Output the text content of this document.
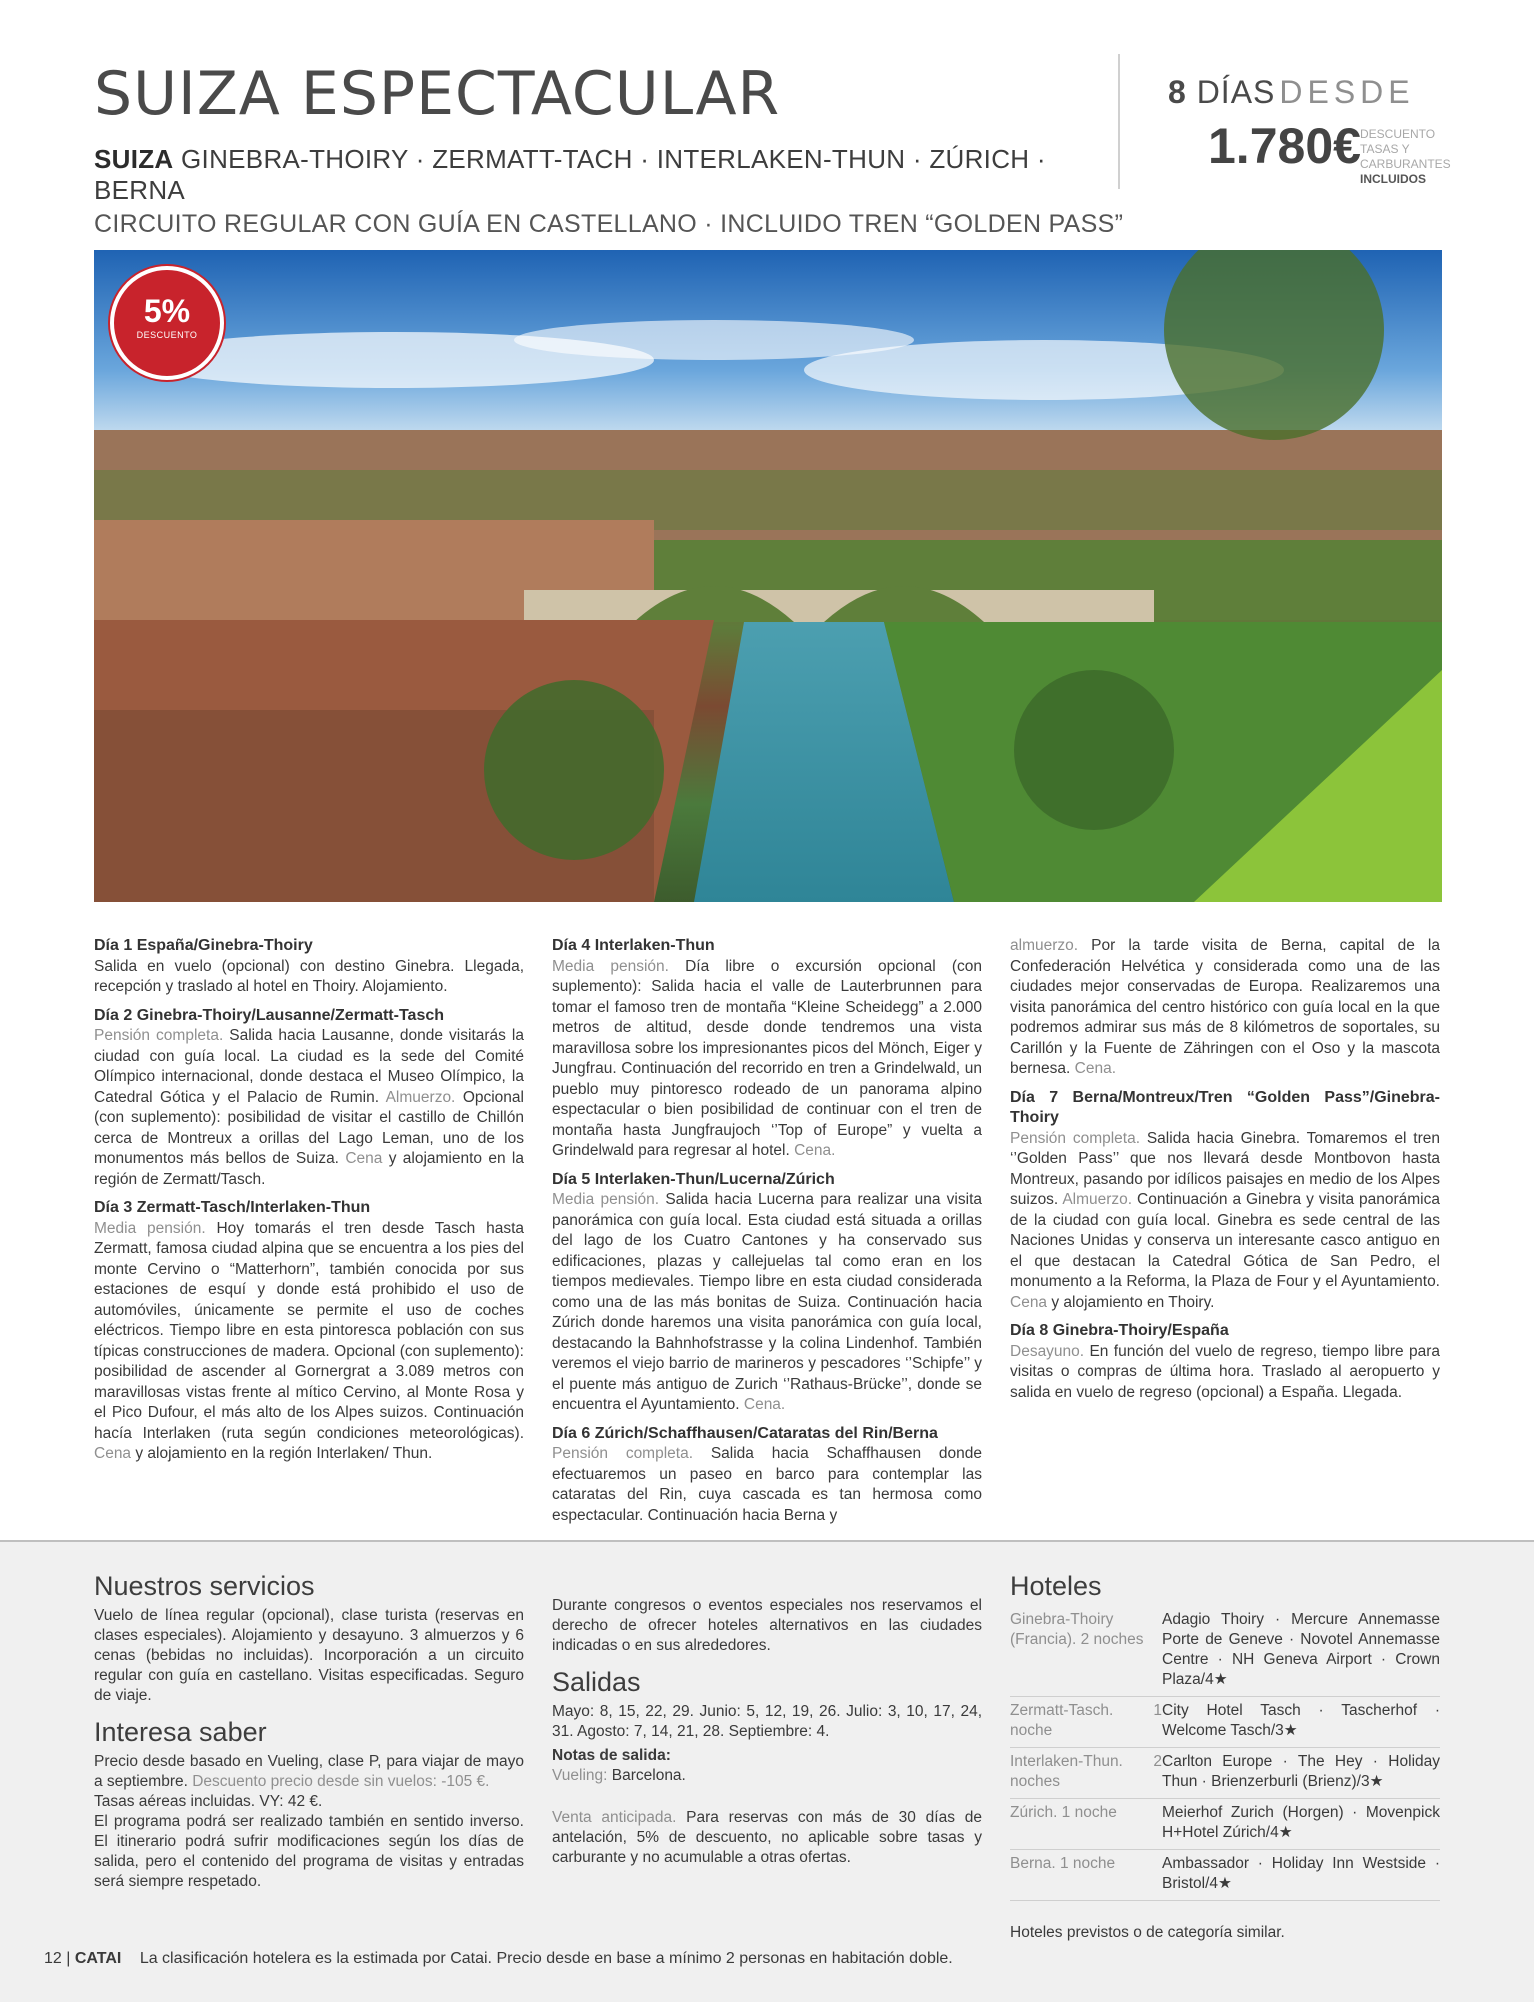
SUIZA ESPECTACULAR
SUIZA GINEBRA-THOIRY · ZERMATT-TACH · INTERLAKEN-THUN · ZÚRICH · BERNA
CIRCUITO REGULAR CON GUÍA EN CASTELLANO · INCLUIDO TREN “GOLDEN PASS”
8 DÍAS DESDE
1.780€ DESCUENTO
TASAS Y
CARBURANTES
INCLUIDOS
5%
DESCUENTO
Día 1 España/Ginebra-Thoiry

Salida en vuelo (opcional) con destino Ginebra. Llegada, recepción y traslado al hotel en Thoiry. Alojamiento.

Día 2 Ginebra-Thoiry/Lausanne/Zermatt-Tasch

Pensión completa. Salida hacia Lausanne, donde visitarás la ciudad con guía local. La ciudad es la sede del Comité Olímpico internacional, donde destaca el Museo Olímpico, la Catedral Gótica y el Palacio de Rumin. Almuerzo. Opcional (con suplemento): posibilidad de visitar el castillo de Chillón cerca de Montreux a orillas del Lago Leman, uno de los monumentos más bellos de Suiza. Cena y alojamiento en la región de Zermatt/Tasch.

Día 3 Zermatt-Tasch/Interlaken-Thun

Media pensión. Hoy tomarás el tren desde Tasch hasta Zermatt, famosa ciudad alpina que se encuentra a los pies del monte Cervino o “Matterhorn”, también conocida por sus estaciones de esquí y donde está prohibido el uso de automóviles, únicamente se permite el uso de coches eléctricos. Tiempo libre en esta pintoresca población con sus típicas construcciones de madera. Opcional (con suplemento): posibilidad de ascender al Gornergrat a 3.089 metros con maravillosas vistas frente al mítico Cervino, al Monte Rosa y el Pico Dufour, el más alto de los Alpes suizos. Continuación hacía Interlaken (ruta según condiciones meteorológicas). Cena y alojamiento en la región Interlaken/ Thun.

Día 4 Interlaken-Thun

Media pensión. Día libre o excursión opcional (con suplemento): Salida hacia el valle de Lauterbrunnen para tomar el famoso tren de montaña “Kleine Scheidegg” a 2.000 metros de altitud, desde donde tendremos una vista maravillosa sobre los impresionantes picos del Mönch, Eiger y Jungfrau. Continuación del recorrido en tren a Grindelwald, un pueblo muy pintoresco rodeado de un panorama alpino espectacular o bien posibilidad de continuar con el tren de montaña hasta Jungfraujoch ‘’Top of Europe” y vuelta a Grindelwald para regresar al hotel. Cena.

Día 5 Interlaken-Thun/Lucerna/Zúrich

Media pensión. Salida hacia Lucerna para realizar una visita panorámica con guía local. Esta ciudad está situada a orillas del lago de los Cuatro Cantones y ha conservado sus edificaciones, plazas y callejuelas tal como eran en los tiempos medievales. Tiempo libre en esta ciudad considerada como una de las más bonitas de Suiza. Continuación hacia Zúrich donde haremos una visita panorámica con guía local, destacando la Bahnhofstrasse y la colina Lindenhof. También veremos el viejo barrio de marineros y pescadores ‘’Schipfe’’ y el puente más antiguo de Zurich ‘’Rathaus-Brücke’’, donde se encuentra el Ayuntamiento. Cena.

Día 6 Zúrich/Schaffhausen/Cataratas del Rin/Berna

Pensión completa. Salida hacia Schaffhausen donde efectuaremos un paseo en barco para contemplar las cataratas del Rin, cuya cascada es tan hermosa como espectacular. Continuación hacia Berna y

almuerzo. Por la tarde visita de Berna, capital de la Confederación Helvética y considerada como una de las ciudades mejor conservadas de Europa. Realizaremos una visita panorámica del centro histórico con guía local en la que podremos admirar sus más de 8 kilómetros de soportales, su Carillón y la Fuente de Zähringen con el Oso y la mascota bernesa. Cena.

Día 7 Berna/Montreux/Tren “Golden Pass”/Ginebra-Thoiry

Pensión completa. Salida hacia Ginebra. Tomaremos el tren ‘’Golden Pass’’ que nos llevará desde Montbovon hasta Montreux, pasando por idílicos paisajes en medio de los Alpes suizos. Almuerzo. Continuación a Ginebra y visita panorámica de la ciudad con guía local. Ginebra es sede central de las Naciones Unidas y conserva un interesante casco antiguo en el que destacan la Catedral Gótica de San Pedro, el monumento a la Reforma, la Plaza de Four y el Ayuntamiento. Cena y alojamiento en Thoiry.

Día 8 Ginebra-Thoiry/España

Desayuno. En función del vuelo de regreso, tiempo libre para visitas o compras de última hora. Traslado al aeropuerto y salida en vuelo de regreso (opcional) a España. Llegada.

Nuestros servicios

Vuelo de línea regular (opcional), clase turista (reservas en clases especiales). Alojamiento y desayuno. 3 almuerzos y 6 cenas (bebidas no incluidas). Incorporación a un circuito regular con guía en castellano. Visitas especificadas. Seguro de viaje.

Interesa saber

Precio desde basado en Vueling, clase P, para viajar de mayo a septiembre. Descuento precio desde sin vuelos: -105 €.

Tasas aéreas incluidas. VY: 42 €.

El programa podrá ser realizado también en sentido inverso. El itinerario podrá sufrir modificaciones según los días de salida, pero el contenido del programa de visitas y entradas será siempre respetado.

Durante congresos o eventos especiales nos reservamos el derecho de ofrecer hoteles alternativos en las ciudades indicadas o en sus alrededores.

Salidas

Mayo: 8, 15, 22, 29. Junio: 5, 12, 19, 26. Julio: 3, 10, 17, 24, 31. Agosto: 7, 14, 21, 28. Septiembre: 4.

Notas de salida:

Vueling: Barcelona.

Venta anticipada. Para reservas con más de 30 días de antelación, 5% de descuento, no aplicable sobre tasas y carburante y no acumulable a otras ofertas.

Hoteles
Ginebra-Thoiry (Francia). 2 noches	Adagio Thoiry · Mercure Annemasse Porte de Geneve · Novotel Annemasse Centre · NH Geneva Airport · Crown Plaza/4★
Zermatt-Tasch. 1 noche	City Hotel Tasch · Tascherhof · Welcome Tasch/3★
Interlaken-Thun. 2 noches	Carlton Europe · The Hey · Holiday Thun · Brienzerburli (Brienz)/3★
Zúrich. 1 noche	Meierhof Zurich (Horgen) · Movenpick H+Hotel Zúrich/4★
Berna. 1 noche	Ambassador · Holiday Inn Westside · Bristol/4★
Hoteles previstos o de categoría similar.
12 | CATAI La clasificación hotelera es la estimada por Catai. Precio desde en base a mínimo 2 personas en habitación doble.
